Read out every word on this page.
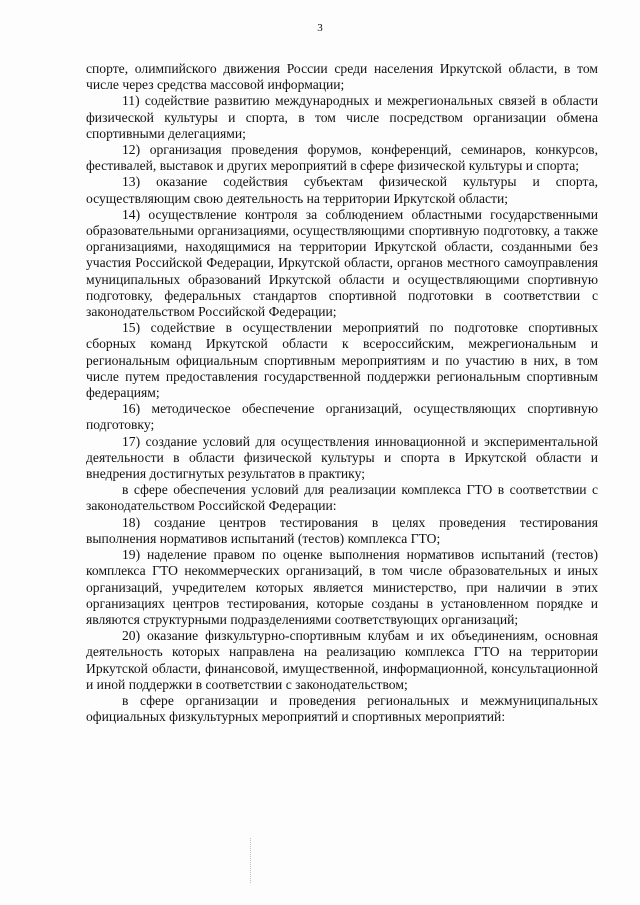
3

спорте, олимпийского движения России среди населения Иркутской области, в том числе через средства массовой информации;

11) содействие развитию международных и межрегиональных связей в области физической культуры и спорта, в том числе посредством организации обмена спортивными делегациями;

12) организация проведения форумов, конференций, семинаров, конкурсов, фестивалей, выставок и других мероприятий в сфере физической культуры и спорта;

13) оказание содействия субъектам физической культуры и спорта, осуществляющим свою деятельность на территории Иркутской области;

14) осуществление контроля за соблюдением областными государственными образовательными организациями, осуществляющими спортивную подготовку, а также организациями, находящимися на территории Иркутской области, созданными без участия Российской Федерации, Иркутской области, органов местного самоуправления муниципальных образований Иркутской области и осуществляющими спортивную подготовку, федеральных стандартов спортивной подготовки в соответствии с законодательством Российской Федерации;

15) содействие в осуществлении мероприятий по подготовке спортивных сборных команд Иркутской области к всероссийским, межрегиональным и региональным официальным спортивным мероприятиям и по участию в них, в том числе путем предоставления государственной поддержки региональным спортивным федерациям;

16) методическое обеспечение организаций, осуществляющих спортивную подготовку;

17) создание условий для осуществления инновационной и экспериментальной деятельности в области физической культуры и спорта в Иркутской области и внедрения достигнутых результатов в практику;

в сфере обеспечения условий для реализации комплекса ГТО в соответствии с законодательством Российской Федерации:

18) создание центров тестирования в целях проведения тестирования выполнения нормативов испытаний (тестов) комплекса ГТО;

19) наделение правом по оценке выполнения нормативов испытаний (тестов) комплекса ГТО некоммерческих организаций, в том числе образовательных и иных организаций, учредителем которых является министерство, при наличии в этих организациях центров тестирования, которые созданы в установленном порядке и являются структурными подразделениями соответствующих организаций;

20) оказание физкультурно-спортивным клубам и их объединениям, основная деятельность которых направлена на реализацию комплекса ГТО на территории Иркутской области, финансовой, имущественной, информационной, консультационной и иной поддержки в соответствии с законодательством;

в сфере организации и проведения региональных и межмуниципальных официальных физкультурных мероприятий и спортивных мероприятий:
